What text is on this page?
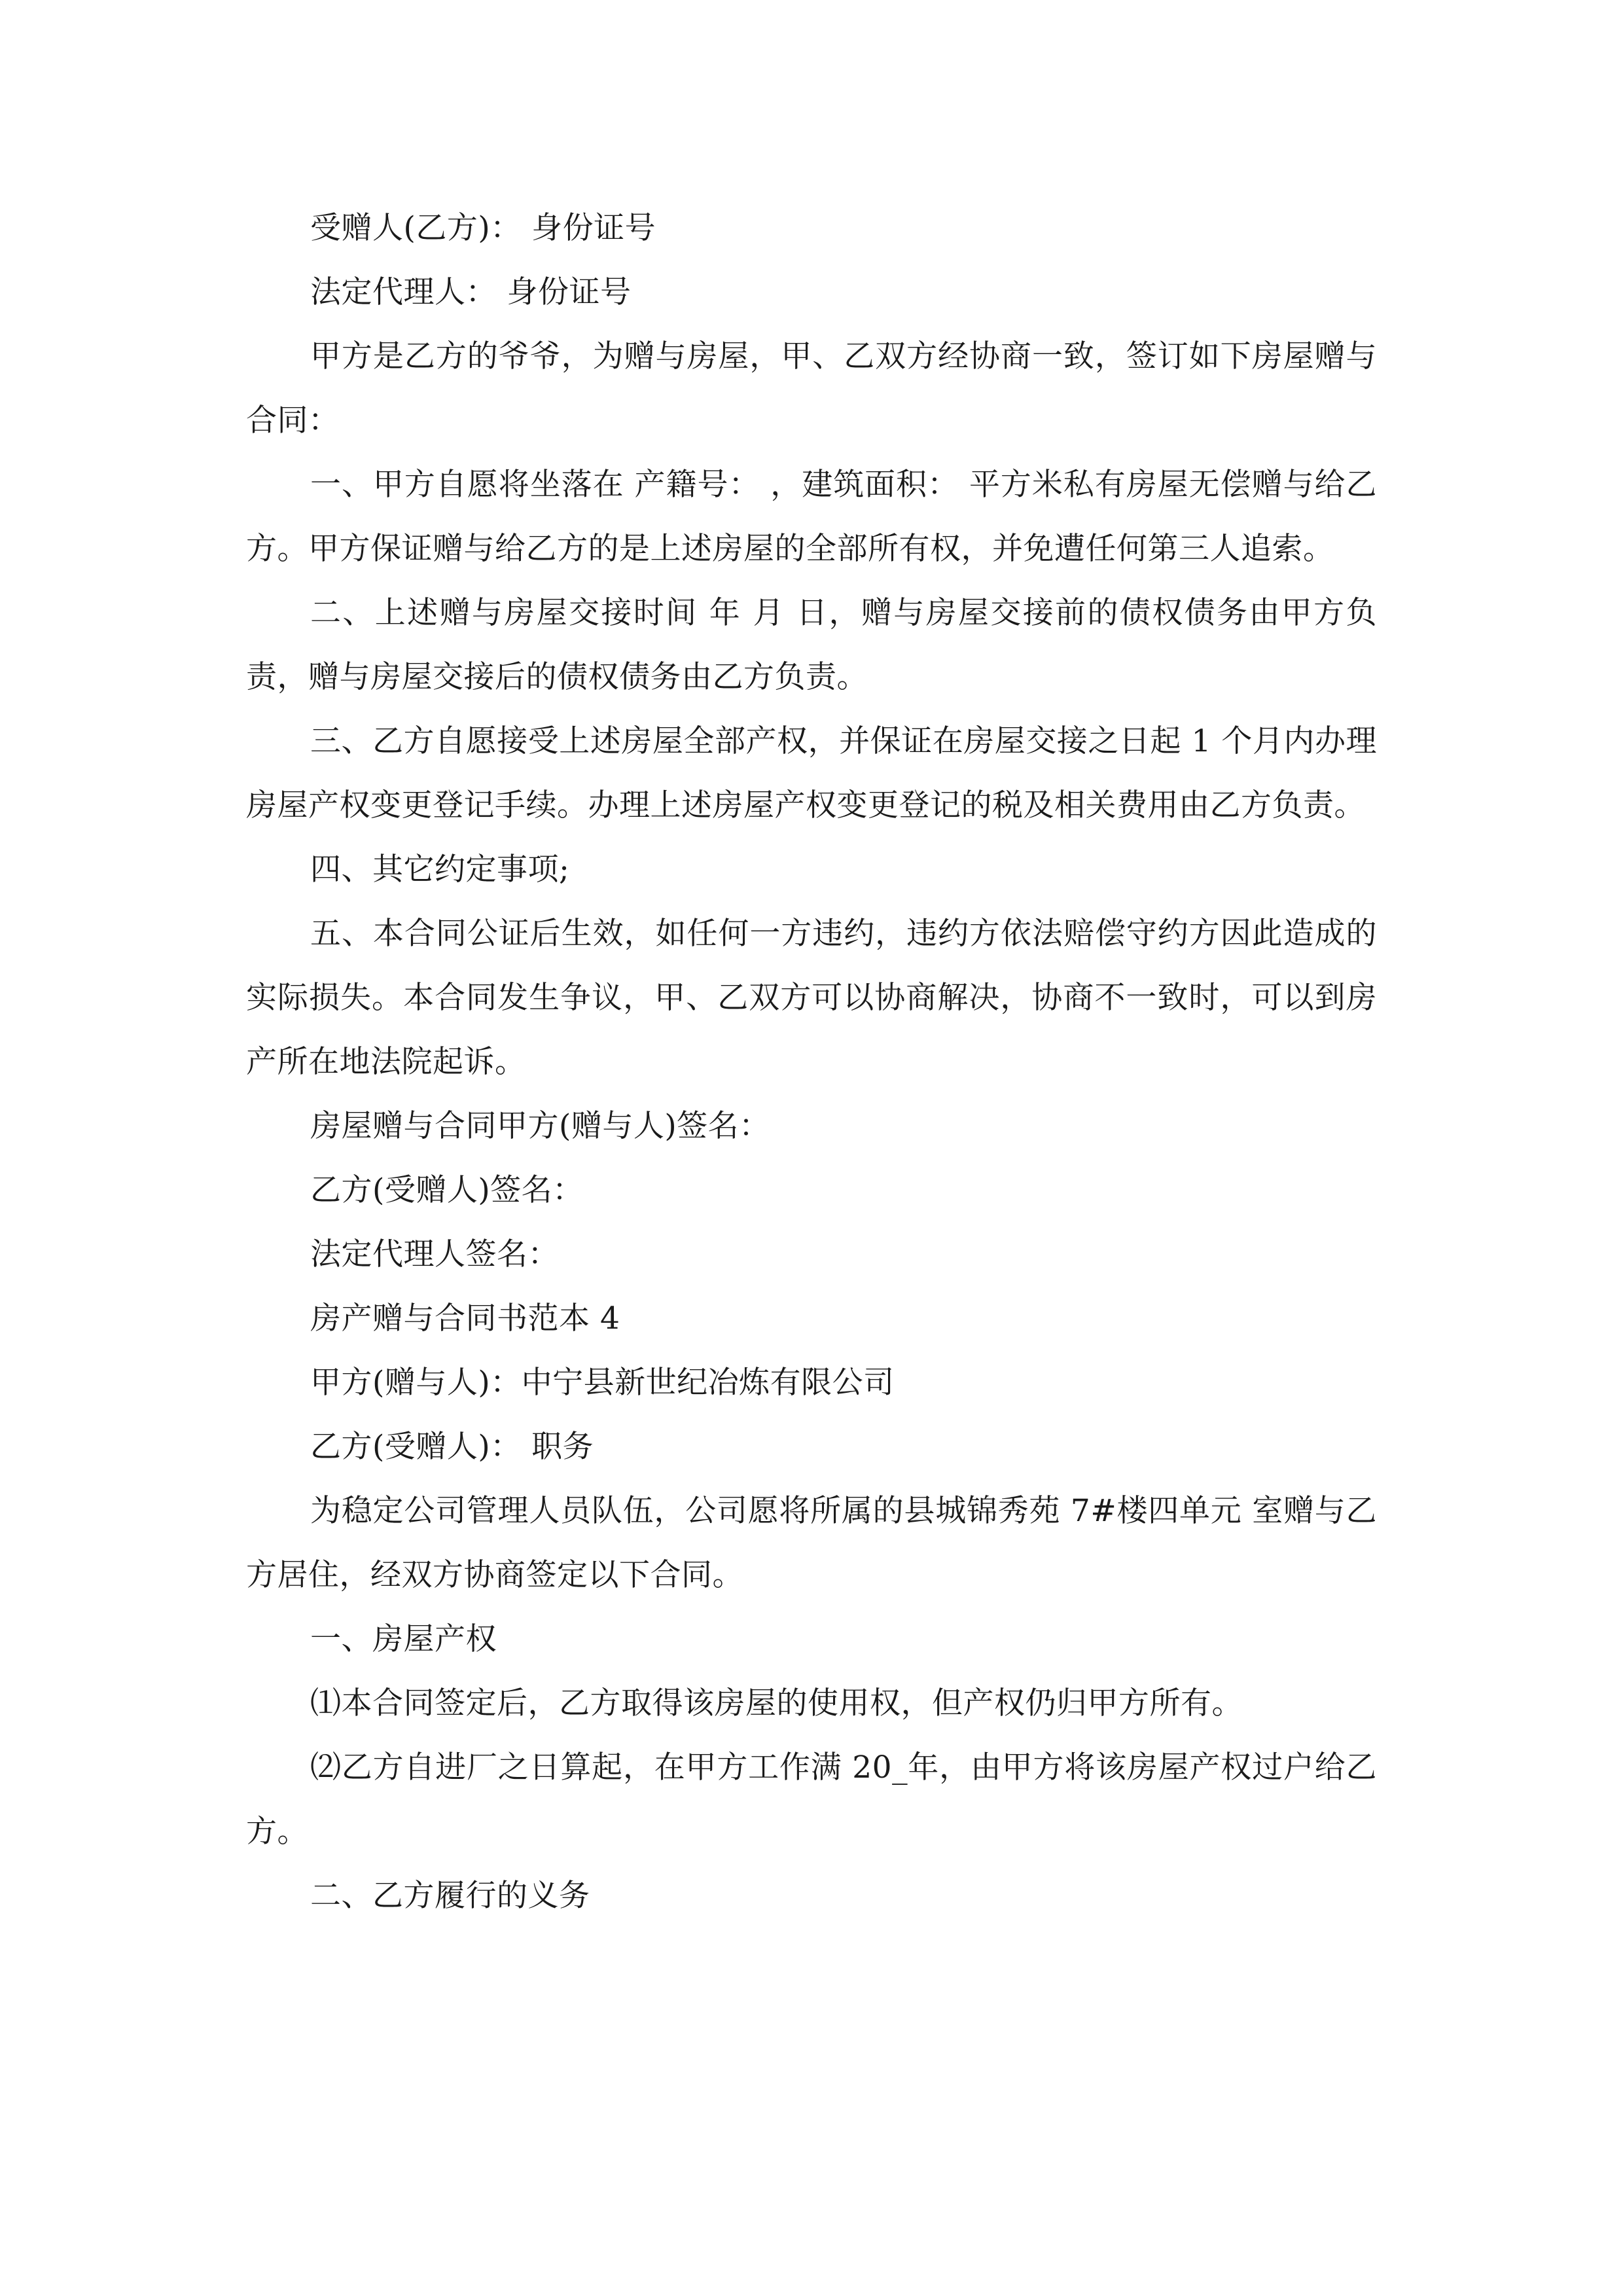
受赠人(乙方)： 身份证号

法定代理人： 身份证号

甲方是乙方的爷爷，为赠与房屋，甲、乙双方经协商一致，签订如下房屋赠与合同：

一、甲方自愿将坐落在 产籍号： ，建筑面积： 平方米私有房屋无偿赠与给乙方。甲方保证赠与给乙方的是上述房屋的全部所有权，并免遭任何第三人追索。

二、上述赠与房屋交接时间 年 月 日，赠与房屋交接前的债权债务由甲方负责，赠与房屋交接后的债权债务由乙方负责。

三、乙方自愿接受上述房屋全部产权，并保证在房屋交接之日起 1 个月内办理房屋产权变更登记手续。办理上述房屋产权变更登记的税及相关费用由乙方负责。

四、其它约定事项;

五、本合同公证后生效，如任何一方违约，违约方依法赔偿守约方因此造成的实际损失。本合同发生争议，甲、乙双方可以协商解决，协商不一致时，可以到房产所在地法院起诉。

房屋赠与合同甲方(赠与人)签名：

乙方(受赠人)签名：

法定代理人签名：

房产赠与合同书范本 4

甲方(赠与人)：中宁县新世纪冶炼有限公司

乙方(受赠人)： 职务

为稳定公司管理人员队伍，公司愿将所属的县城锦秀苑 7#楼四单元 室赠与乙方居住，经双方协商签定以下合同。

一、房屋产权

⑴本合同签定后，乙方取得该房屋的使用权，但产权仍归甲方所有。

⑵乙方自进厂之日算起，在甲方工作满 20_年，由甲方将该房屋产权过户给乙方。

二、乙方履行的义务
